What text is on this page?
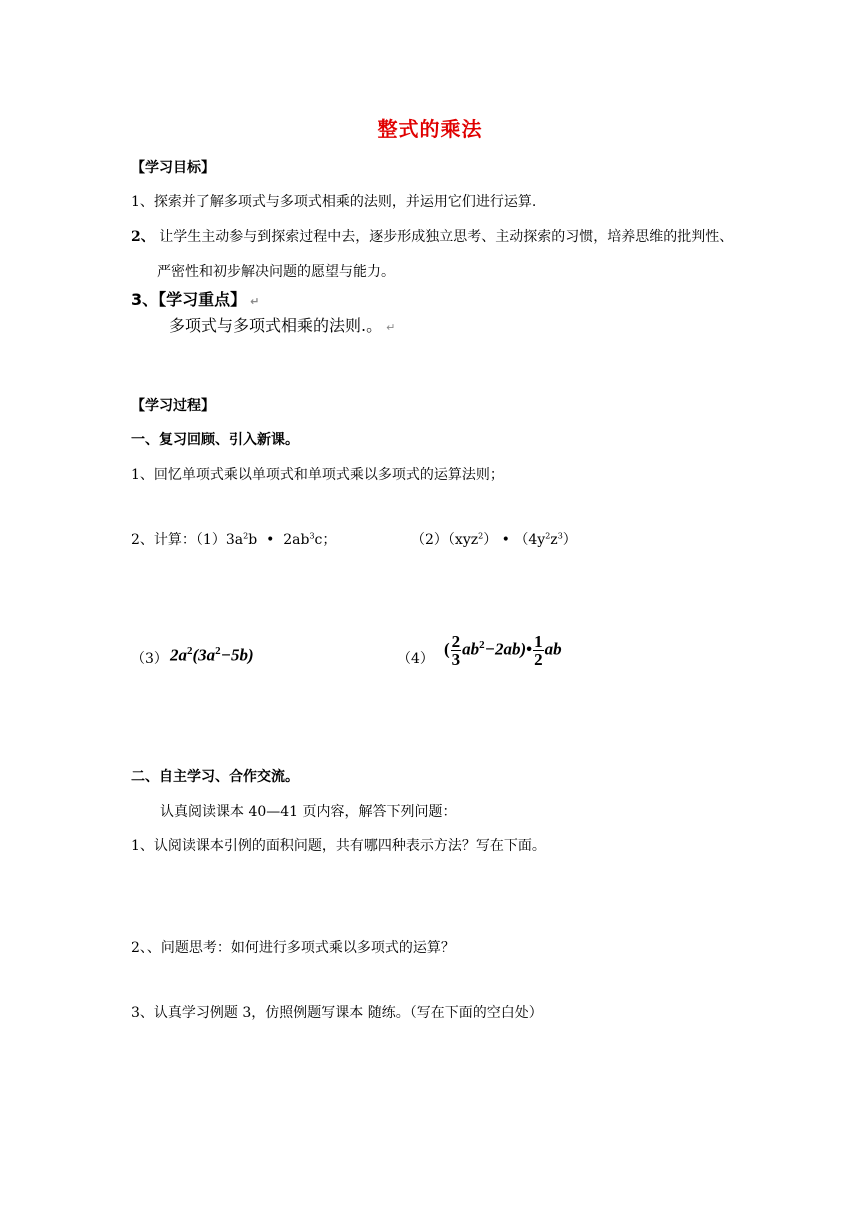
整式的乘法
【学习目标】
1、探索并了解多项式与多项式相乘的法则，并运用它们进行运算.
2、 让学生主动参与到探索过程中去，逐步形成独立思考、主动探索的习惯，培养思维的批判性、
严密性和初步解决问题的愿望与能力。
3、【学习重点】 ↵
多项式与多项式相乘的法则.。 ↵
【学习过程】
一、复习回顾、引入新课。
1、回忆单项式乘以单项式和单项式乘以多项式的运算法则；
2、计算：$(1)3a^2b$ • $2ab^3c$；	（2）（xyz$^2$） • $(4y^2z^3)$
（3） $2a^2(3a^2-5b)$	（4）
( $\frac{2}{3}$ $ab^2-2ab)• \frac{1}{2}$ ab
二、自主学习、合作交流。
认真阅读课本 40—41 页内容，解答下列问题：
1、认阅读课本引例的面积问题，共有哪四种表示方法？写在下面。
2、、问题思考：如何进行多项式乘以多项式的运算？
3、认真学习例题 3，仿照例题写课本 随练。（写在下面的空白处）
